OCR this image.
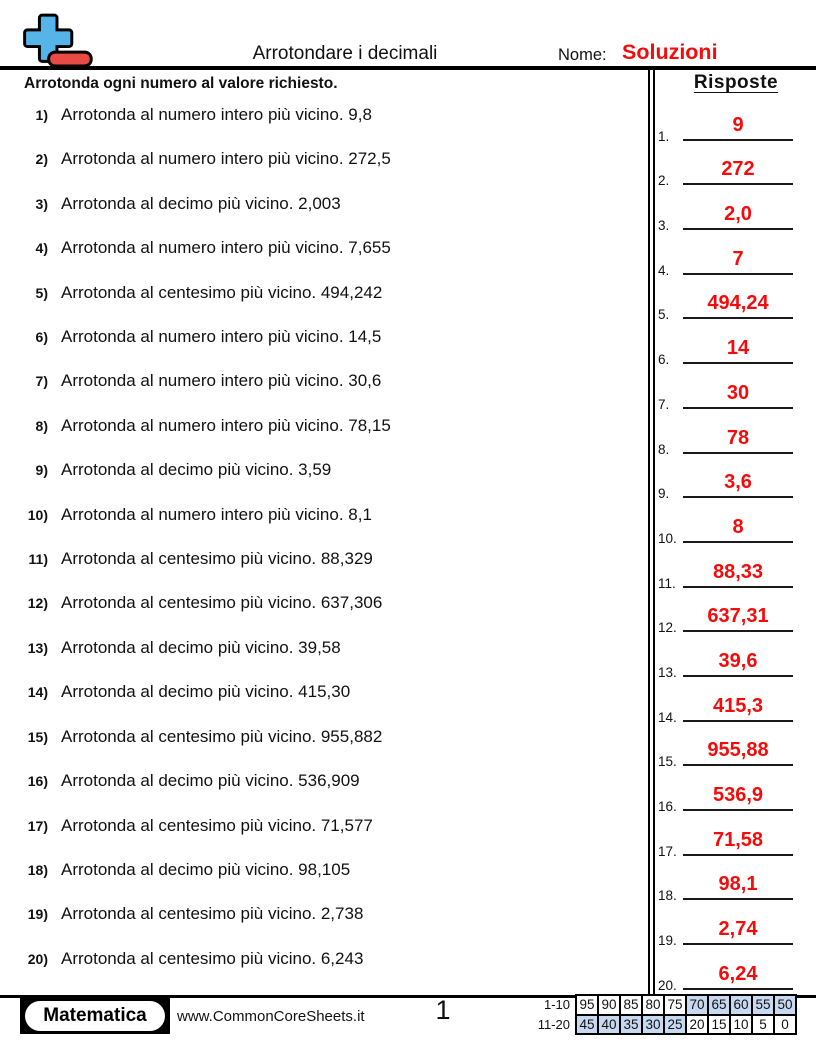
Arrotondare i decimali	Nome: Soluzioni
Arrotonda ogni numero al valore richiesto.
1) Arrotonda al numero intero più vicino. 9,8
2) Arrotonda al numero intero più vicino. 272,5
3) Arrotonda al decimo più vicino. 2,003
4) Arrotonda al numero intero più vicino. 7,655
5) Arrotonda al centesimo più vicino. 494,242
6) Arrotonda al numero intero più vicino. 14,5
7) Arrotonda al numero intero più vicino. 30,6
8) Arrotonda al numero intero più vicino. 78,15
9) Arrotonda al decimo più vicino. 3,59
10) Arrotonda al numero intero più vicino. 8,1
11) Arrotonda al centesimo più vicino. 88,329
12) Arrotonda al centesimo più vicino. 637,306
13) Arrotonda al decimo più vicino. 39,58
14) Arrotonda al decimo più vicino. 415,30
15) Arrotonda al centesimo più vicino. 955,882
16) Arrotonda al decimo più vicino. 536,909
17) Arrotonda al centesimo più vicino. 71,577
18) Arrotonda al decimo più vicino. 98,105
19) Arrotonda al centesimo più vicino. 2,738
20) Arrotonda al centesimo più vicino. 6,243
Risposte
1.
9
2.
272
3.
2,0
4.
7
5.
494,24
6.
14
7.
30
8.
78
9.
3,6
10.
8
11.
88,33
12.
637,31
13.
39,6
14.
415,3
15.
955,88
16.
536,9
17.
71,58
18.
98,1
19.
2,74
20.
6,24
Matematica	www.CommonCoreSheets.it	1	1-10	95	90	85	80	75	70	65	60	55	50
11-20	45	40	35	30	25	20	15	10	5	0
